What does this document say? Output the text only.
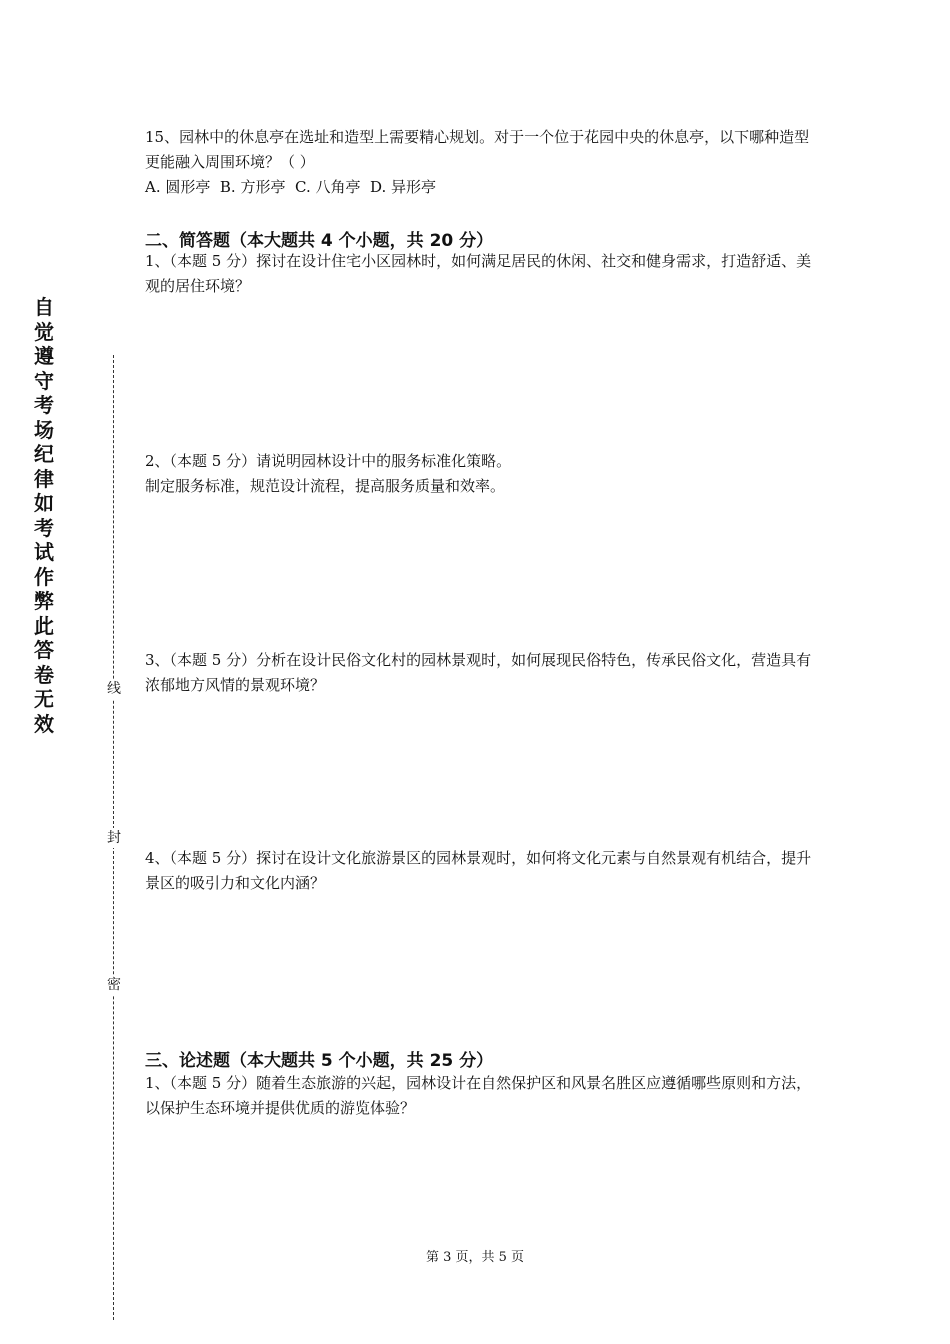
自觉遵守考场纪律如考试作弊此答卷无效
线
封
密
15、园林中的休息亭在选址和造型上需要精心规划。对于一个位于花园中央的休息亭，以下哪种造型更能融入周围环境？（ ）
A. 圆形亭  B. 方形亭  C. 八角亭  D. 异形亭
二、简答题（本大题共 4 个小题，共 20 分）
1、（本题 5 分）探讨在设计住宅小区园林时，如何满足居民的休闲、社交和健身需求，打造舒适、美观的居住环境？
2、（本题 5 分）请说明园林设计中的服务标准化策略。
制定服务标准，规范设计流程，提高服务质量和效率。
3、（本题 5 分）分析在设计民俗文化村的园林景观时，如何展现民俗特色，传承民俗文化，营造具有浓郁地方风情的景观环境？
4、（本题 5 分）探讨在设计文化旅游景区的园林景观时，如何将文化元素与自然景观有机结合，提升景区的吸引力和文化内涵？
三、论述题（本大题共 5 个小题，共 25 分）
1、（本题 5 分）随着生态旅游的兴起，园林设计在自然保护区和风景名胜区应遵循哪些原则和方法，以保护生态环境并提供优质的游览体验？
第 3 页，共 5 页
